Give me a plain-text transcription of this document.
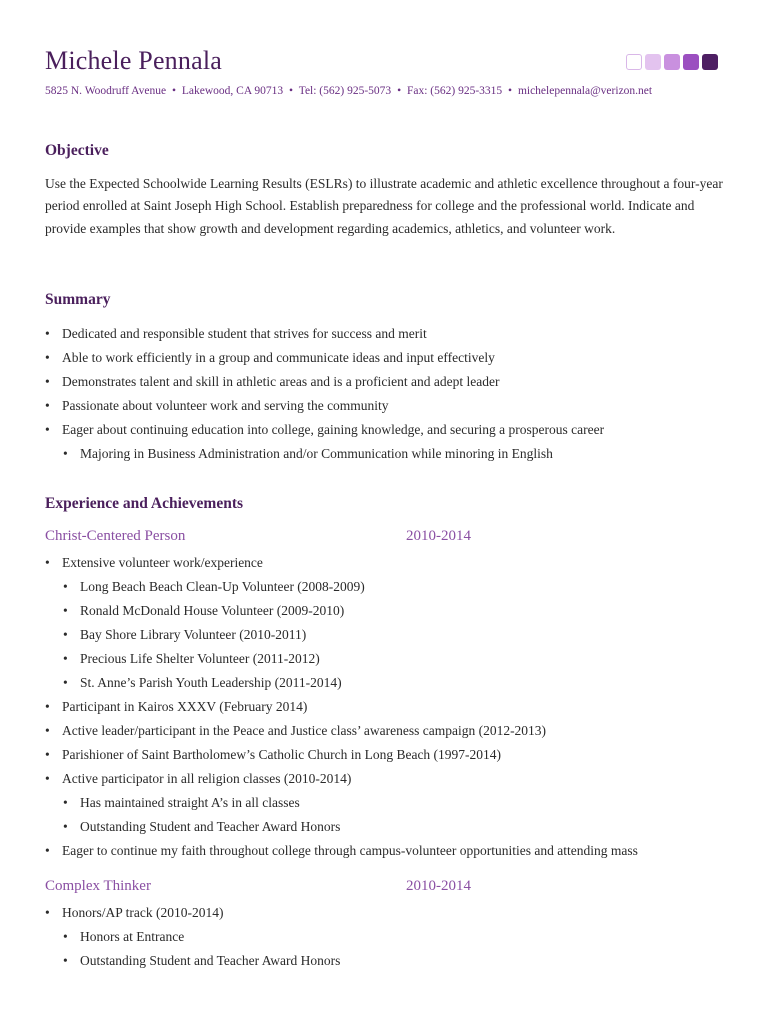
Michele Pennala
5825 N. Woodruff Avenue • Lakewood, CA 90713 • Tel: (562) 925-5073 • Fax: (562) 925-3315 • michelepennala@verizon.net
Objective
Use the Expected Schoolwide Learning Results (ESLRs) to illustrate academic and athletic excellence throughout a four-year period enrolled at Saint Joseph High School. Establish preparedness for college and the professional world. Indicate and provide examples that show growth and development regarding academics, athletics, and volunteer work.
Summary
• Dedicated and responsible student that strives for success and merit
• Able to work efficiently in a group and communicate ideas and input effectively
• Demonstrates talent and skill in athletic areas and is a proficient and adept leader
• Passionate about volunteer work and serving the community
• Eager about continuing education into college, gaining knowledge, and securing a prosperous career
• Majoring in Business Administration and/or Communication while minoring in English
Experience and Achievements
Christ-Centered Person	2010-2014
• Extensive volunteer work/experience
• Long Beach Beach Clean-Up Volunteer (2008-2009)
• Ronald McDonald House Volunteer (2009-2010)
• Bay Shore Library Volunteer (2010-2011)
• Precious Life Shelter Volunteer (2011-2012)
• St. Anne’s Parish Youth Leadership (2011-2014)
• Participant in Kairos XXXV (February 2014)
• Active leader/participant in the Peace and Justice class’ awareness campaign (2012-2013)
• Parishioner of Saint Bartholomew’s Catholic Church in Long Beach (1997-2014)
• Active participator in all religion classes (2010-2014)
• Has maintained straight A’s in all classes
• Outstanding Student and Teacher Award Honors
• Eager to continue my faith throughout college through campus-volunteer opportunities and attending mass
Complex Thinker	2010-2014
• Honors/AP track (2010-2014)
• Honors at Entrance
• Outstanding Student and Teacher Award Honors
